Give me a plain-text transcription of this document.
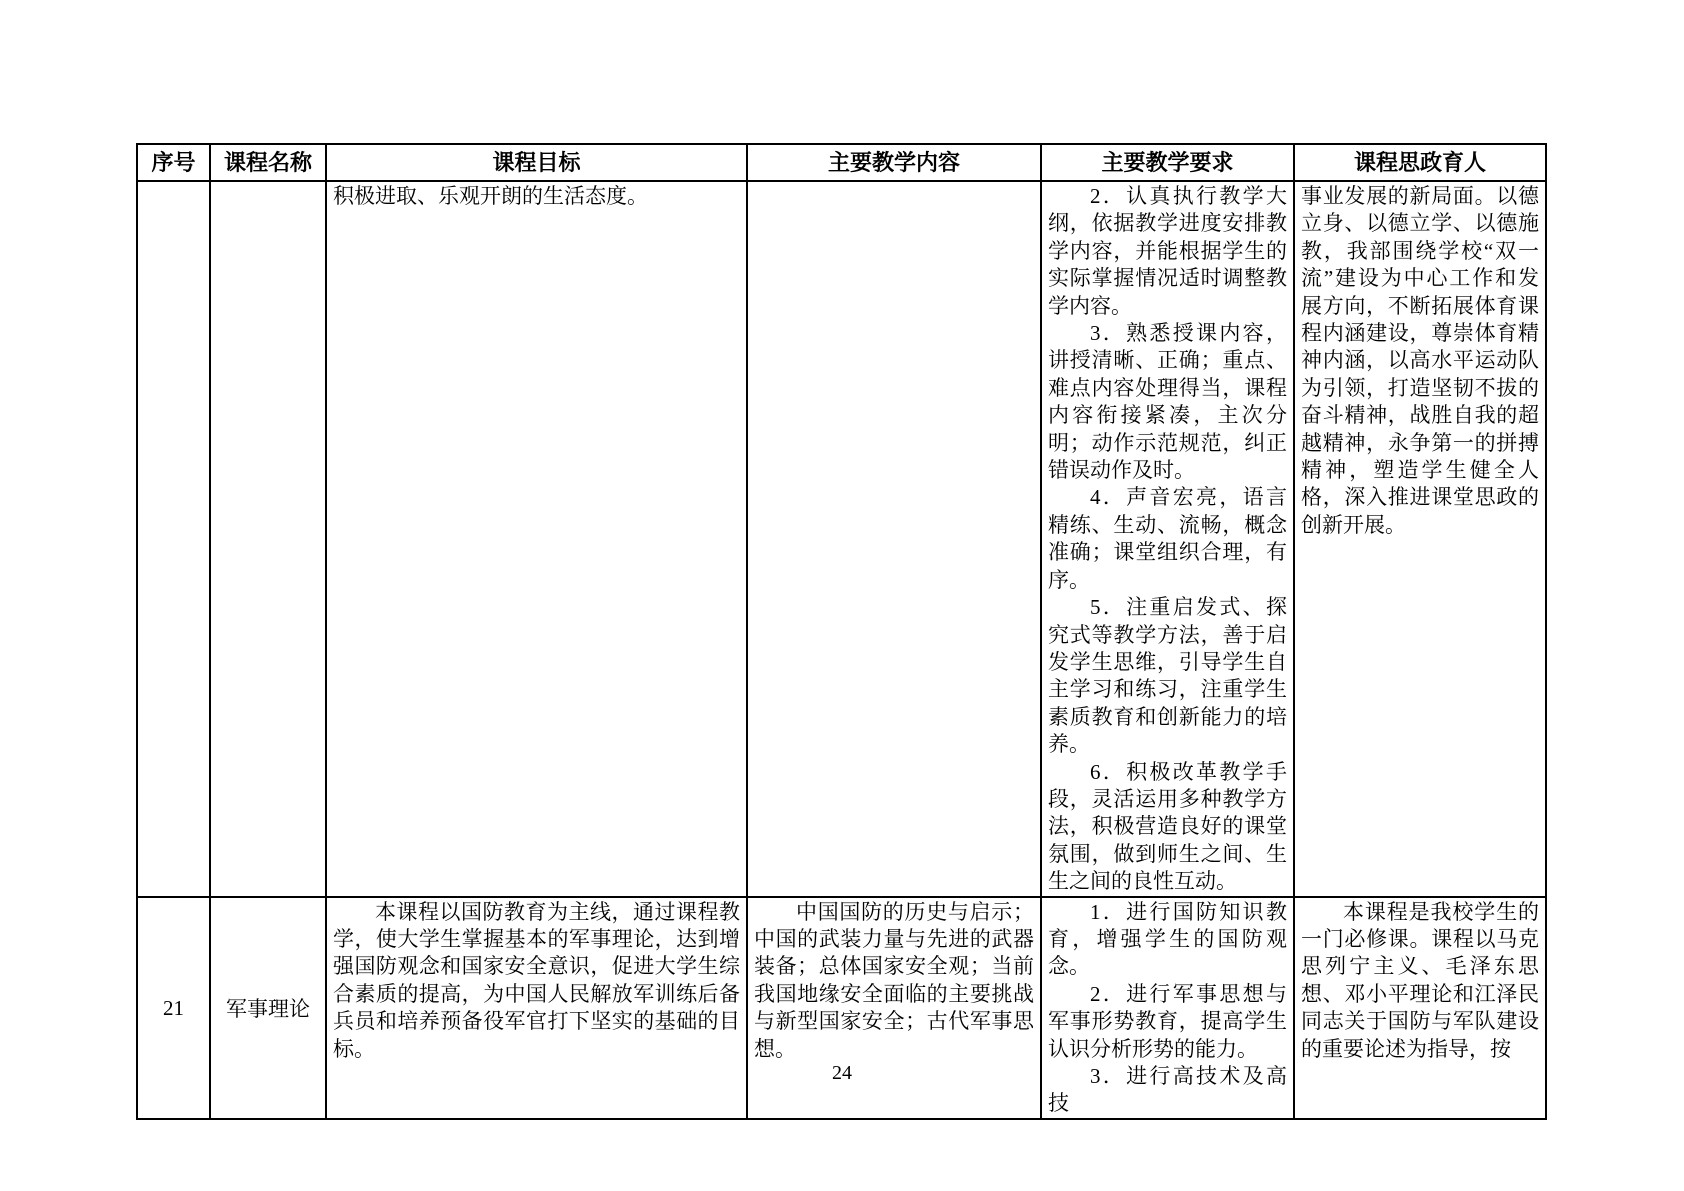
序号	课程名称	课程目标	主要教学内容	主要教学要求	课程思政育人

		积极进取、乐观开朗的生活态度。		2．认真执行教学大纲，依据教学进度安排教学内容，并能根据学生的实际掌握情况适时调整教学内容。

3．熟悉授课内容，讲授清晰、正确；重点、难点内容处理得当，课程内容衔接紧凑，主次分明；动作示范规范，纠正错误动作及时。

4．声音宏亮，语言精练、生动、流畅，概念准确；课堂组织合理，有序。

5．注重启发式、探究式等教学方法，善于启发学生思维，引导学生自主学习和练习，注重学生素质教育和创新能力的培养。

6．积极改革教学手段，灵活运用多种教学方法，积极营造良好的课堂氛围，做到师生之间、生生之间的良性互动。	事业发展的新局面。以德立身、以德立学、以德施教，我部围绕学校“双一流”建设为中心工作和发展方向，不断拓展体育课程内涵建设，尊崇体育精神内涵，以高水平运动队为引领，打造坚韧不拔的奋斗精神，战胜自我的超越精神，永争第一的拼搏精神，塑造学生健全人格，深入推进课堂思政的创新开展。

21	军事理论	本课程以国防教育为主线，通过课程教学，使大学生掌握基本的军事理论，达到增强国防观念和国家安全意识，促进大学生综合素质的提高，为中国人民解放军训练后备兵员和培养预备役军官打下坚实的基础的目标。	中国国防的历史与启示；中国的武装力量与先进的武器装备；总体国家安全观；当前我国地缘安全面临的主要挑战与新型国家安全；古代军事思想。	1．进行国防知识教育，增强学生的国防观念。

2．进行军事思想与军事形势教育，提高学生认识分析形势的能力。

3．进行高技术及高技	本课程是我校学生的一门必修课。课程以马克思列宁主义、毛泽东思想、邓小平理论和江泽民同志关于国防与军队建设的重要论述为指导，按

24
